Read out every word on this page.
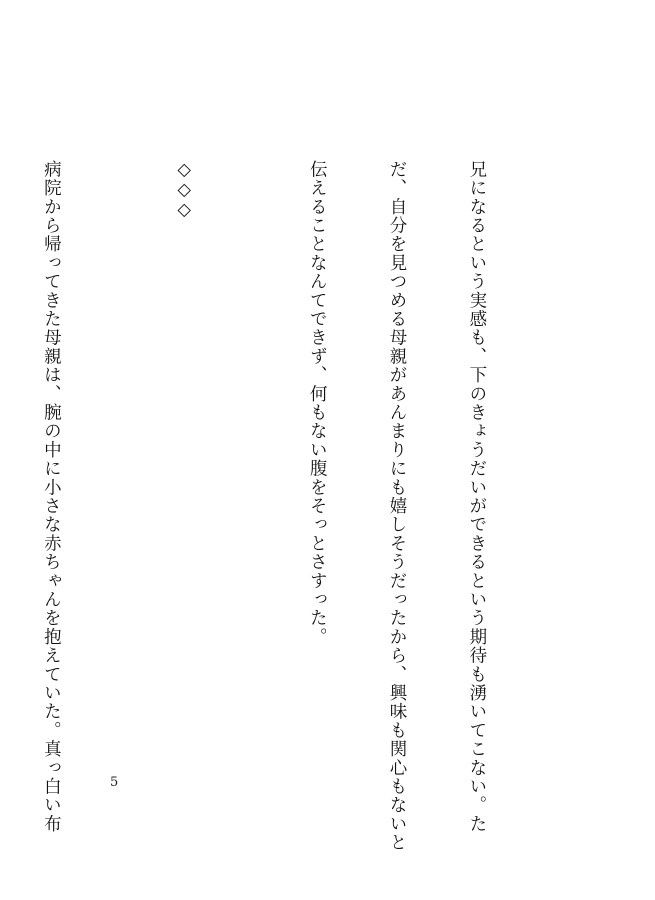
兄になるという実感も、下のきょうだいができるという期待も湧いてこない。た

だ、自分を見つめる母親があんまりにも嬉しそうだったから、興味も関心もないと

伝えることなんてできず、何もない腹をそっとさすった。

◇◇◇

病院から帰ってきた母親は、腕の中に小さな赤ちゃんを抱えていた。真っ白い布

	5
